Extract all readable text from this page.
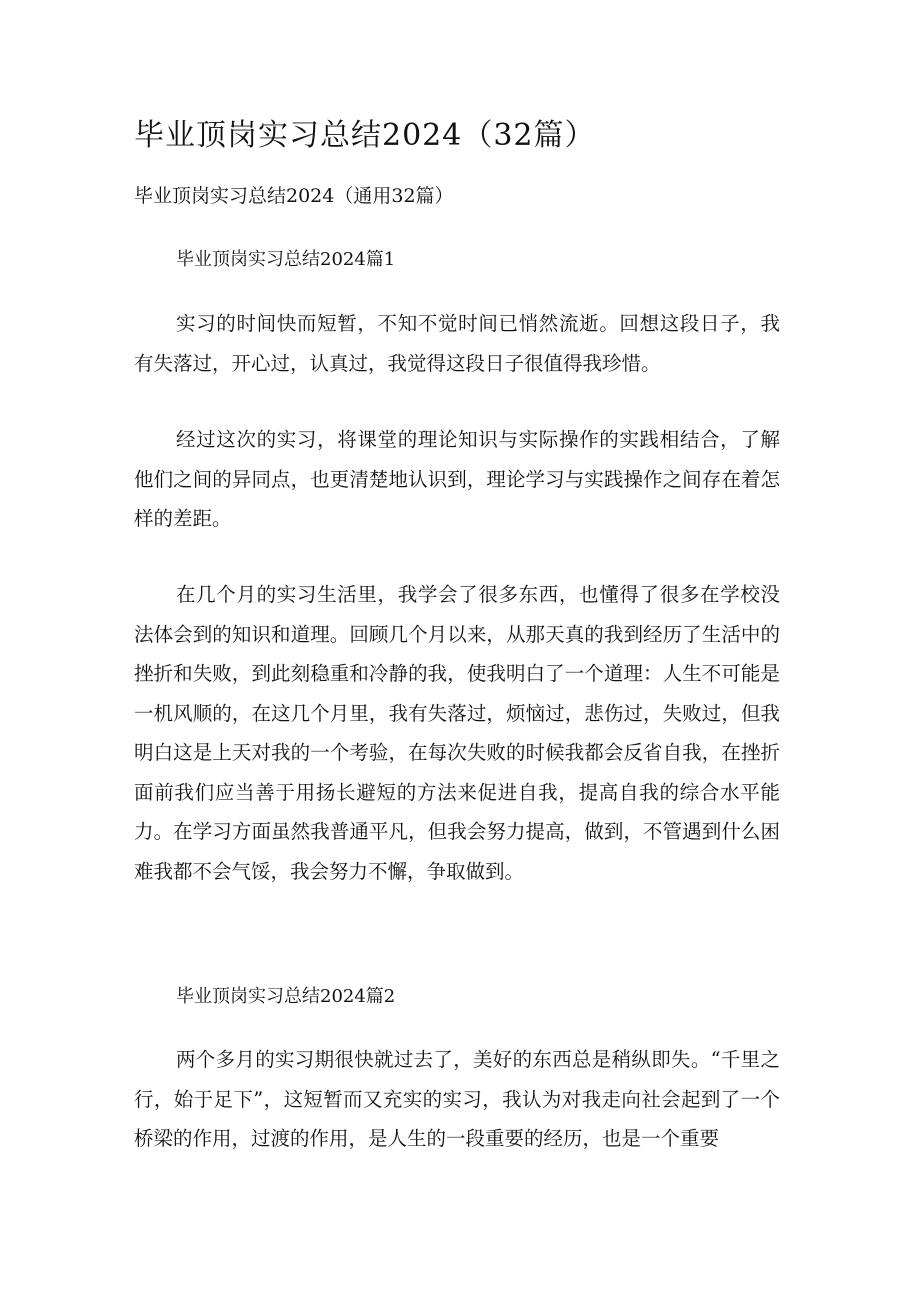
毕业顶岗实习总结2024（32篇）
毕业顶岗实习总结2024（通用32篇）
毕业顶岗实习总结2024篇1

实习的时间快而短暂，不知不觉时间已悄然流逝。回想这段日子，我有失落过，开心过，认真过，我觉得这段日子很值得我珍惜。

经过这次的实习，将课堂的理论知识与实际操作的实践相结合，了解他们之间的异同点，也更清楚地认识到，理论学习与实践操作之间存在着怎样的差距。

在几个月的实习生活里，我学会了很多东西，也懂得了很多在学校没法体会到的知识和道理。回顾几个月以来，从那天真的我到经历了生活中的挫折和失败，到此刻稳重和冷静的我，使我明白了一个道理：人生不可能是一机风顺的，在这几个月里，我有失落过，烦恼过，悲伤过，失败过，但我明白这是上天对我的一个考验，在每次失败的时候我都会反省自我，在挫折面前我们应当善于用扬长避短的方法来促进自我，提高自我的综合水平能力。在学习方面虽然我普通平凡，但我会努力提高，做到，不管遇到什么困难我都不会气馁，我会努力不懈，争取做到。

毕业顶岗实习总结2024篇2

两个多月的实习期很快就过去了，美好的东西总是稍纵即失。“千里之行，始于足下”，这短暂而又充实的实习，我认为对我走向社会起到了一个桥梁的作用，过渡的作用，是人生的一段重要的经历，也是一个重要
